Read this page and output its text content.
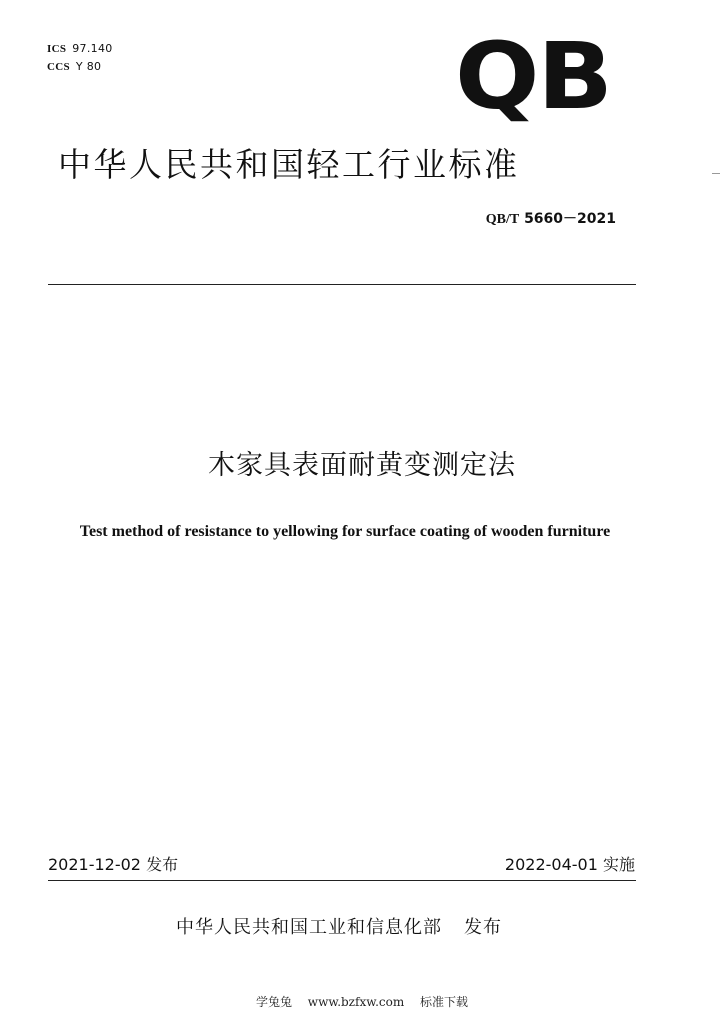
ICS 97.140
CCS Y 80	QB
中华人民共和国轻工行业标准
QB/T 5660－2021
木家具表面耐黄变测定法
Test method of resistance to yellowing for surface coating of wooden furniture
2021-12-02 发布	2022-04-01 实施
中华人民共和国工业和信息化部 发布
学兔兔 www.bzfxw.com 标准下载
